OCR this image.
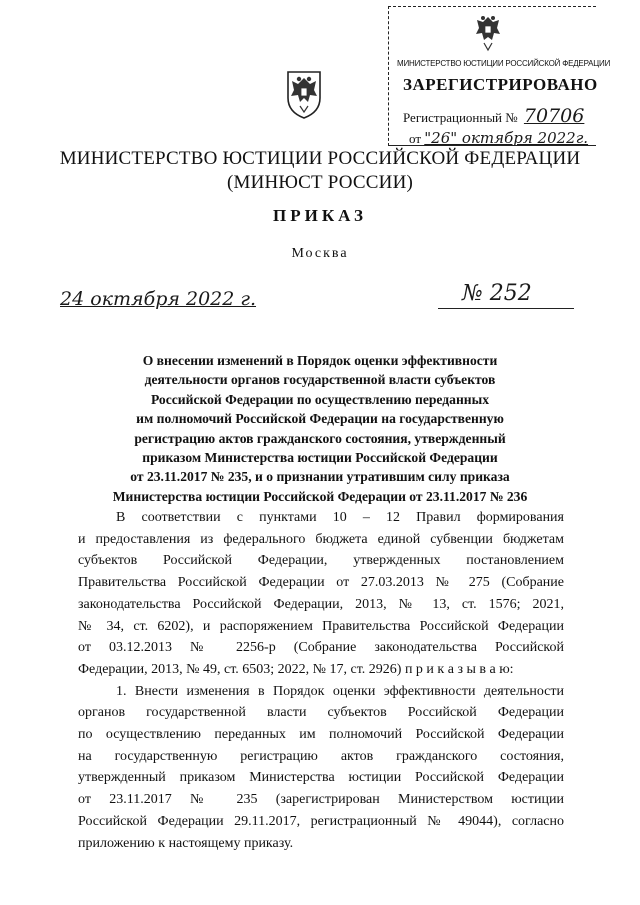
МИНИСТЕРСТВО ЮСТИЦИИ РОССИЙСКОЙ ФЕДЕРАЦИИ
ЗАРЕГИСТРИРОВАНО
Регистрационный № 70706
от "26" октября 2022г.
МИНИСТЕРСТВО ЮСТИЦИИ РОССИЙСКОЙ ФЕДЕРАЦИИ
(МИНЮСТ РОССИИ)
ПРИКАЗ
Москва
24 октября 2022 г.	№ 252
О внесении изменений в Порядок оценки эффективности
деятельности органов государственной власти субъектов
Российской Федерации по осуществлению переданных
им полномочий Российской Федерации на государственную
регистрацию актов гражданского состояния, утвержденный
приказом Министерства юстиции Российской Федерации
от 23.11.2017 № 235, и о признании утратившим силу приказа
Министерства юстиции Российской Федерации от 23.11.2017 № 236
В соответствии с пунктами 10 – 12 Правил формирования
и предоставления из федерального бюджета единой субвенции бюджетам
субъектов Российской Федерации, утвержденных постановлением
Правительства Российской Федерации от 27.03.2013 № 275 (Собрание
законодательства Российской Федерации, 2013, № 13, ст. 1576; 2021,
№ 34, ст. 6202), и распоряжением Правительства Российской Федерации
от 03.12.2013 № 2256-р (Собрание законодательства Российской
Федерации, 2013, № 49, ст. 6503; 2022, № 17, ст. 2926) п р и к а з ы в а ю:
1. Внести изменения в Порядок оценки эффективности деятельности
органов государственной власти субъектов Российской Федерации
по осуществлению переданных им полномочий Российской Федерации
на государственную регистрацию актов гражданского состояния,
утвержденный приказом Министерства юстиции Российской Федерации
от 23.11.2017 № 235 (зарегистрирован Министерством юстиции
Российской Федерации 29.11.2017, регистрационный № 49044), согласно
приложению к настоящему приказу.
